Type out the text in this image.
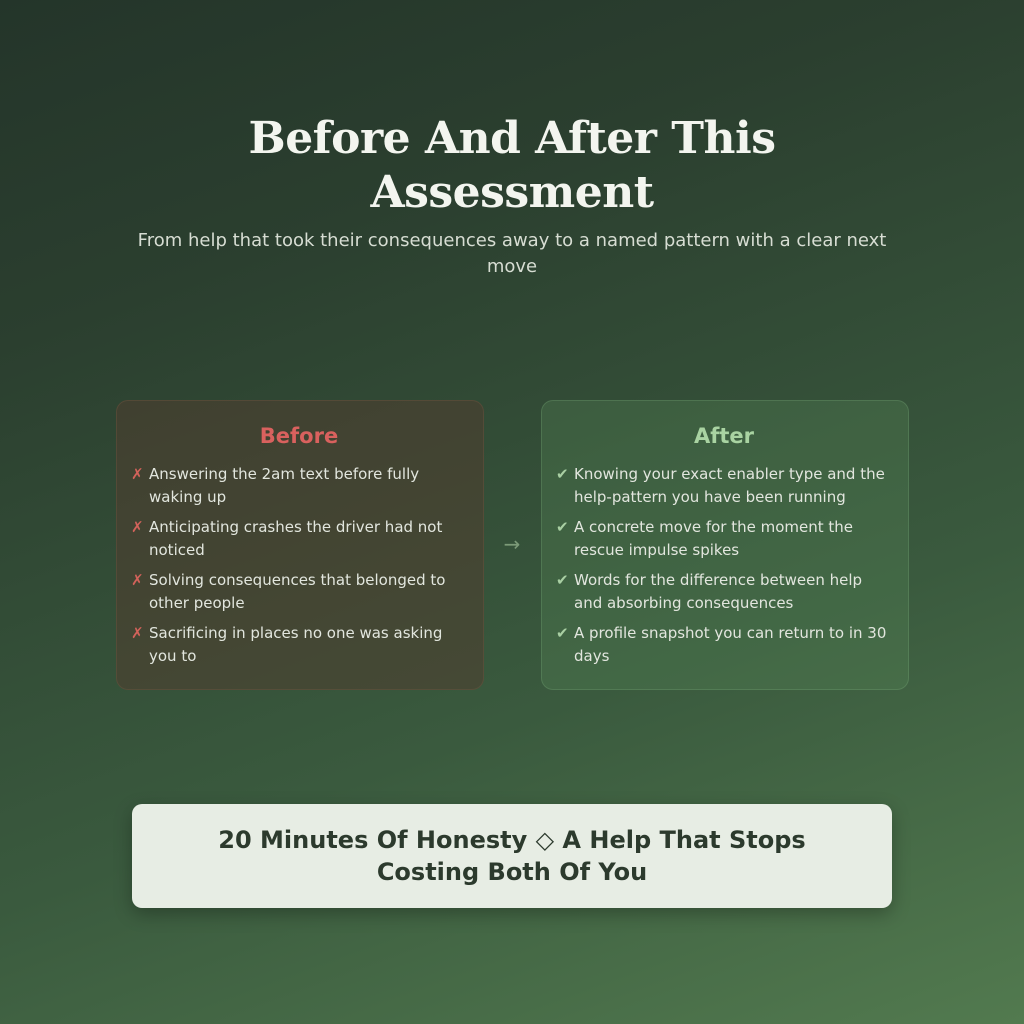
Before And After This Assessment

From help that took their consequences away to a named pattern with a clear next move

Before
✗ Answering the 2am text before fully waking up
✗ Anticipating crashes the driver had not noticed
✗ Solving consequences that belonged to other people
✗ Sacrificing in places no one was asking you to
→
After
✔ Knowing your exact enabler type and the help-pattern you have been running
✔ A concrete move for the moment the rescue impulse spikes
✔ Words for the difference between help and absorbing consequences
✔ A profile snapshot you can return to in 30 days
20 Minutes Of Honesty ◇ A Help That Stops Costing Both Of You
